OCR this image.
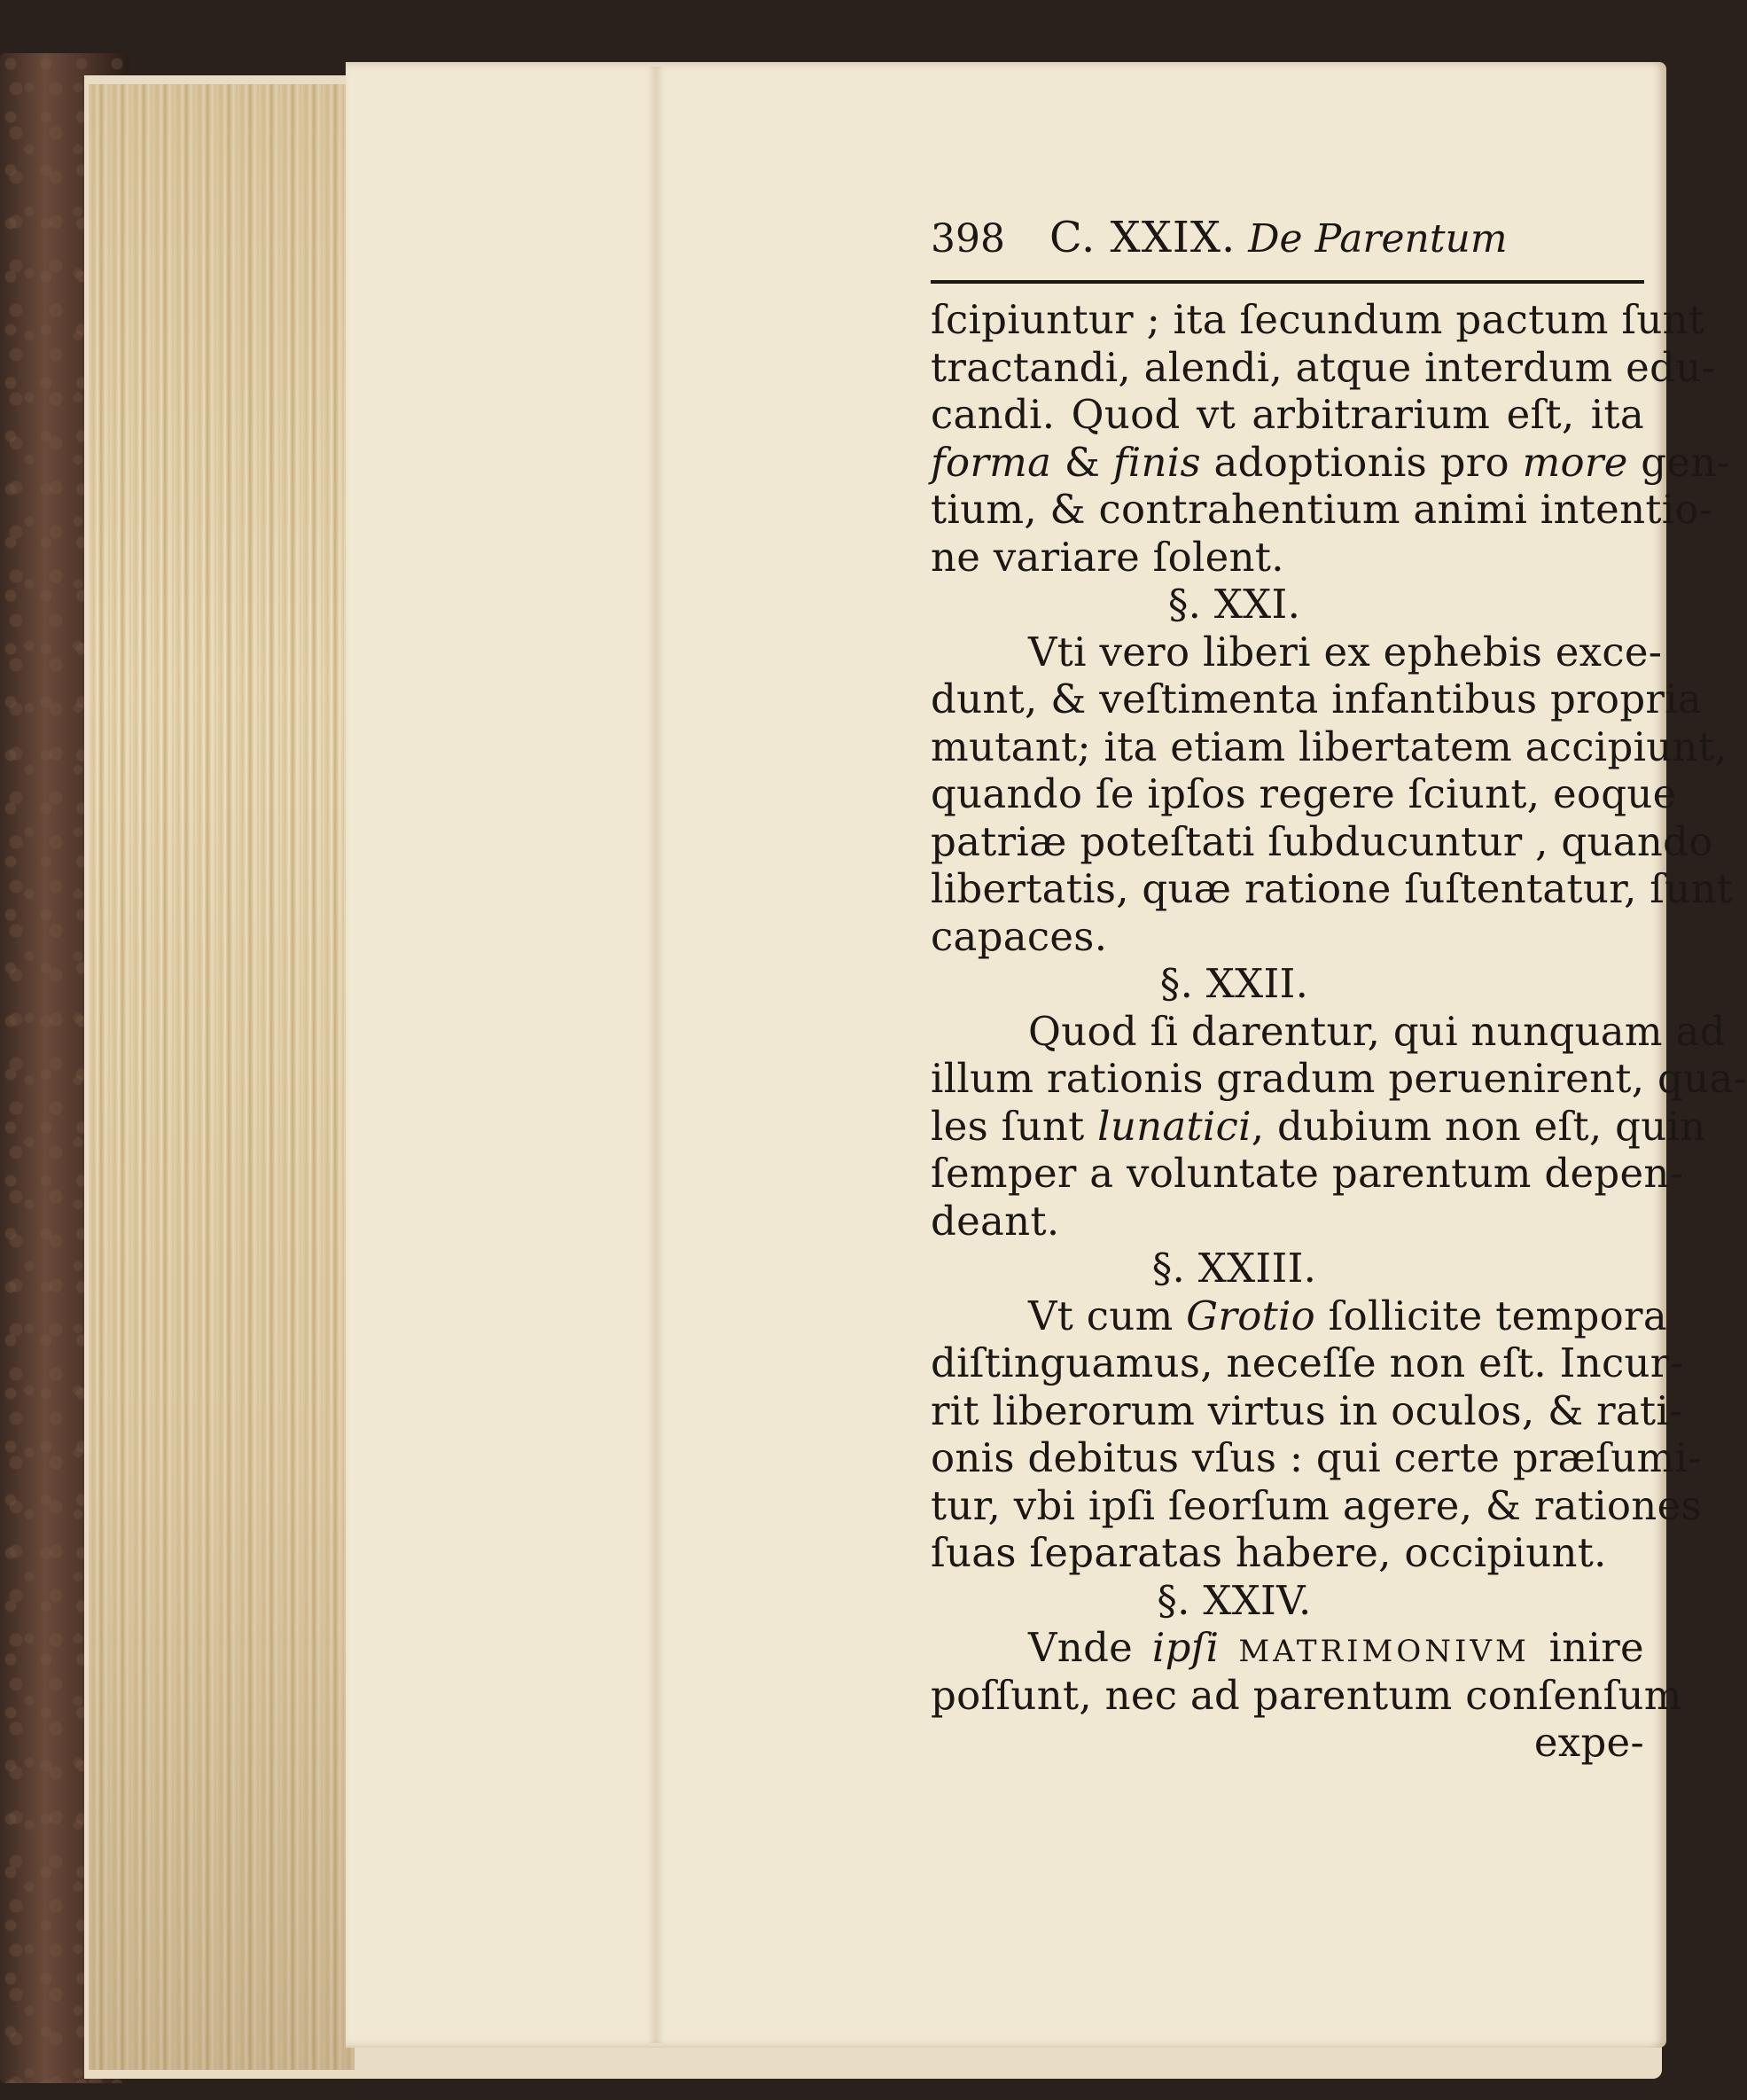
398 C. XXIX. De Parentum
ſcipiuntur ; ita ſecundum pactum ſunt
tractandi, alendi, atque interdum edu-
candi. Quod vt arbitrarium eſt, ita
forma & finis adoptionis pro more gen-
tium, & contrahentium animi intentio-
ne variare ſolent.
§. XXI.
Vti vero liberi ex ephebis exce-
dunt, & veſtimenta infantibus propria
mutant; ita etiam libertatem accipiunt,
quando ſe ipſos regere ſciunt, eoque
patriæ poteſtati ſubducuntur , quando
libertatis, quæ ratione ſuſtentatur, ſunt
capaces.
§. XXII.
Quod ſi darentur, qui nunquam ad
illum rationis gradum peruenirent, qua-
les ſunt lunatici, dubium non eſt, quin
ſemper a voluntate parentum depen-
deant.
§. XXIII.
Vt cum Grotio ſollicite tempora
diſtinguamus, neceſſe non eſt. Incur-
rit liberorum virtus in oculos, & rati-
onis debitus vſus : qui certe præſumi-
tur, vbi ipſi ſeorſum agere, & rationes
ſuas ſeparatas habere, occipiunt.
§. XXIV.
Vnde ipſi MATRIMONIVM inire
poſſunt, nec ad parentum conſenſum
expe-
